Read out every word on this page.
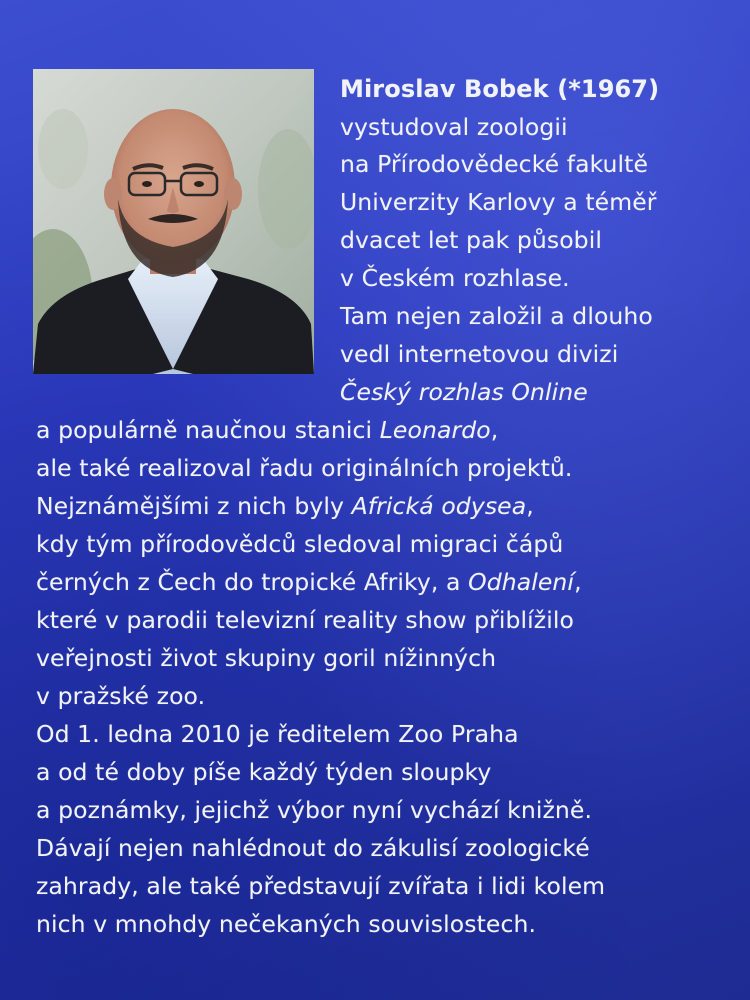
Miroslav Bobek (*1967)
vystudoval zoologii
na Přírodovědecké fakultě
Univerzity Karlovy a téměř
dvacet let pak působil
v Českém rozhlase.
Tam nejen založil a dlouho
vedl internetovou divizi
Český rozhlas Online
a populárně naučnou stanici Leonardo,
ale také realizoval řadu originálních projektů.
Nejznámějšími z nich byly Africká odysea,
kdy tým přírodovědců sledoval migraci čápů
černých z Čech do tropické Afriky, a Odhalení,
které v parodii televizní reality show přiblížilo
veřejnosti život skupiny goril nížinných
v pražské zoo.
Od 1. ledna 2010 je ředitelem Zoo Praha
a od té doby píše každý týden sloupky
a poznámky, jejichž výbor nyní vychází knižně.
Dávají nejen nahlédnout do zákulisí zoologické
zahrady, ale také představují zvířata i lidi kolem
nich v mnohdy nečekaných souvislostech.
